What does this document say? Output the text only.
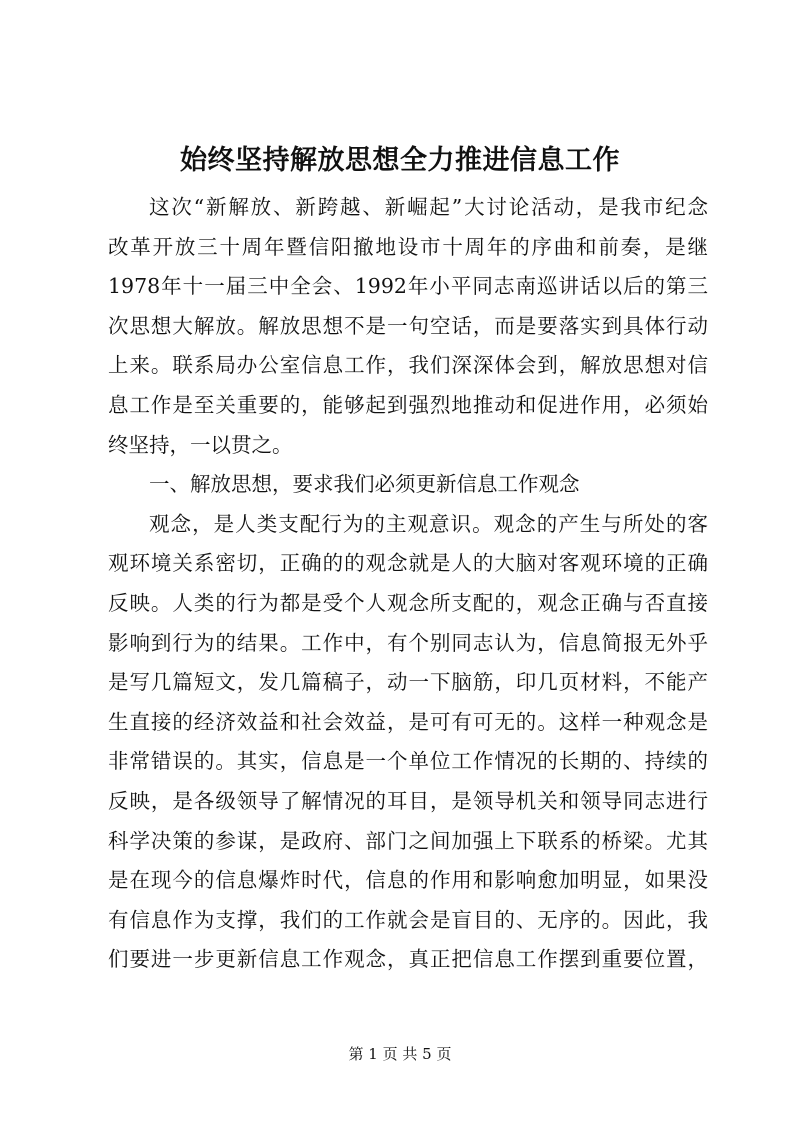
始终坚持解放思想全力推进信息工作
这次“新解放、新跨越、新崛起”大讨论活动，是我市纪念
改革开放三十周年暨信阳撤地设市十周年的序曲和前奏，是继
1978年十一届三中全会、1992年小平同志南巡讲话以后的第三
次思想大解放。解放思想不是一句空话，而是要落实到具体行动
上来。联系局办公室信息工作，我们深深体会到，解放思想对信
息工作是至关重要的，能够起到强烈地推动和促进作用，必须始
终坚持，一以贯之。
一、解放思想，要求我们必须更新信息工作观念
观念，是人类支配行为的主观意识。观念的产生与所处的客
观环境关系密切，正确的的观念就是人的大脑对客观环境的正确
反映。人类的行为都是受个人观念所支配的，观念正确与否直接
影响到行为的结果。工作中，有个别同志认为，信息简报无外乎
是写几篇短文，发几篇稿子，动一下脑筋，印几页材料，不能产
生直接的经济效益和社会效益，是可有可无的。这样一种观念是
非常错误的。其实，信息是一个单位工作情况的长期的、持续的
反映，是各级领导了解情况的耳目，是领导机关和领导同志进行
科学决策的参谋，是政府、部门之间加强上下联系的桥梁。尤其
是在现今的信息爆炸时代，信息的作用和影响愈加明显，如果没
有信息作为支撑，我们的工作就会是盲目的、无序的。因此，我
们要进一步更新信息工作观念，真正把信息工作摆到重要位置，
第 1 页 共 5 页
